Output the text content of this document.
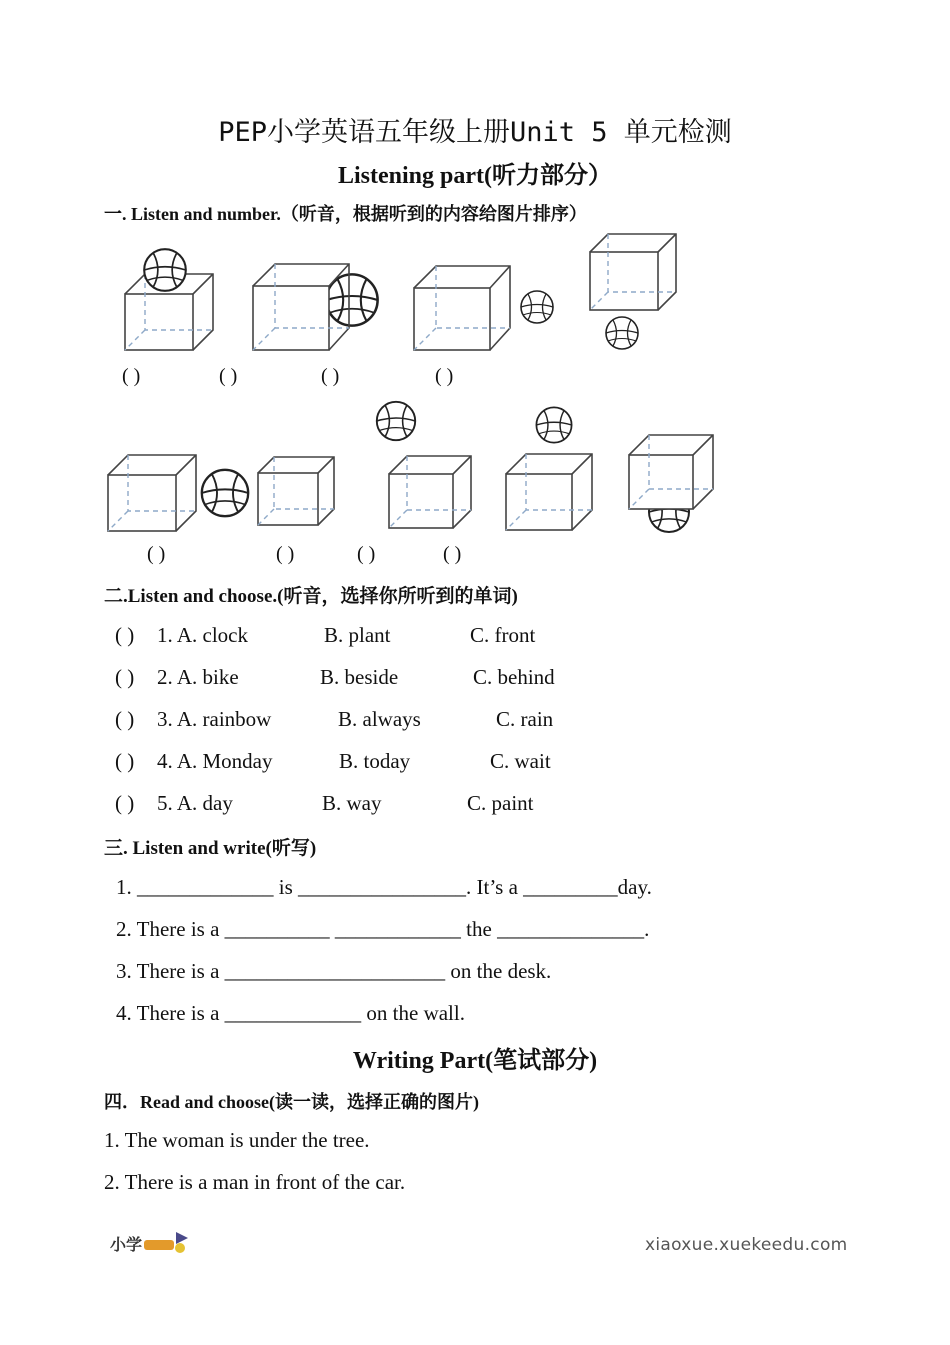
PEP小学英语五年级上册Unit 5 单元检测
Listening part(听力部分）
一. Listen and number.（听音，根据听到的内容给图片排序）
( )	( )	( )	( )
( )	( )	( )	( )
二.Listen and choose.(听音，选择你所听到的单词)
( ) 1. A. clock	B. plant	C. front
( ) 2. A. bike	B. beside	C. behind
( ) 3. A. rainbow	B. always	C. rain
( ) 4. A. Monday	B. today	C. wait
( ) 5. A. day	B. way	C. paint
三. Listen and write(听写)
1. _____________ is ________________. It’s a _________day.
2. There is a __________ ____________ the ______________.
3. There is a _____________________ on the desk.
4. There is a _____________ on the wall.
Writing Part(笔试部分)
四．Read and choose(读一读，选择正确的图片)
1. The woman is under the tree.
2. There is a man in front of the car.
小学	xiaoxue.xuekeedu.com
